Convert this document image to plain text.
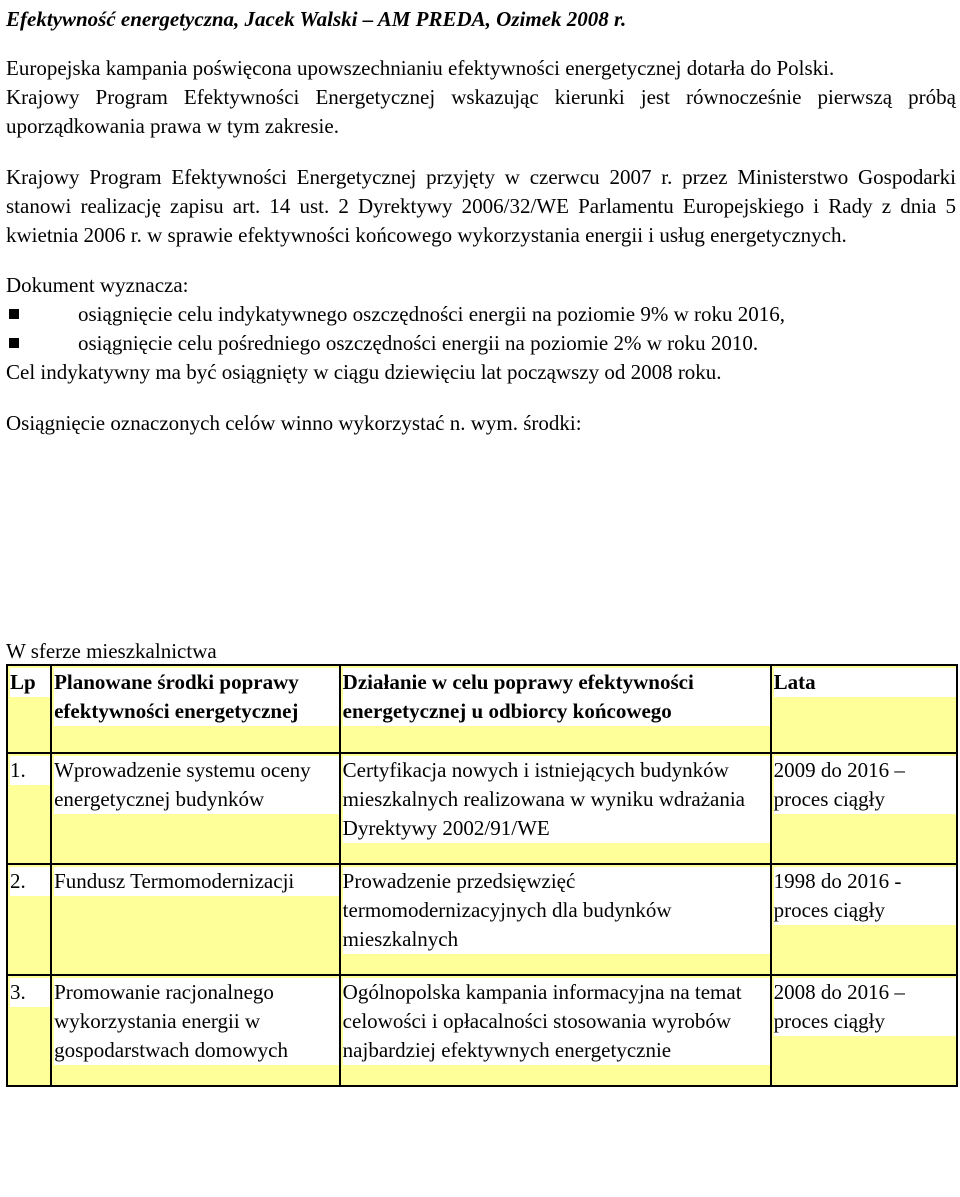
Efektywność energetyczna, Jacek Walski – AM PREDA, Ozimek 2008 r.

Europejska kampania poświęcona upowszechnianiu efektywności energetycznej dotarła do Polski.

Krajowy Program Efektywności Energetycznej wskazując kierunki jest równocześnie pierwszą próbą uporządkowania prawa w tym zakresie.

Krajowy Program Efektywności Energetycznej przyjęty w czerwcu 2007 r. przez Ministerstwo Gospodarki stanowi realizację zapisu art. 14 ust. 2 Dyrektywy 2006/32/WE Parlamentu Europejskiego i Rady z dnia 5 kwietnia 2006 r. w sprawie efektywności końcowego wykorzystania energii i usług energetycznych.

Dokument wyznacza:

osiągnięcie celu indykatywnego oszczędności energii na poziomie 9% w roku 2016,
osiągnięcie celu pośredniego oszczędności energii na poziomie 2% w roku 2010.

Cel indykatywny ma być osiągnięty w ciągu dziewięciu lat począwszy od 2008 roku.

Osiągnięcie oznaczonych celów winno wykorzystać n. wym. środki:

W sferze mieszkalnictwa
Lp	Planowane środki poprawy efektywności energetycznej	Działanie w celu poprawy efektywności energetycznej u odbiorcy końcowego	Lata

1.	Wprowadzenie systemu oceny energetycznej budynków	Certyfikacja nowych i istniejących budynków mieszkalnych realizowana w wyniku wdrażania Dyrektywy 2002/91/WE	2009 do 2016 – proces ciągły

2.	Fundusz Termomodernizacji	Prowadzenie przedsięwzięć termomodernizacyjnych dla budynków mieszkalnych	1998 do 2016 - proces ciągły

3.	Promowanie racjonalnego wykorzystania energii w gospodarstwach domowych	Ogólnopolska kampania informacyjna na temat celowości i opłacalności stosowania wyrobów najbardziej efektywnych energetycznie	2008 do 2016 – proces ciągły
